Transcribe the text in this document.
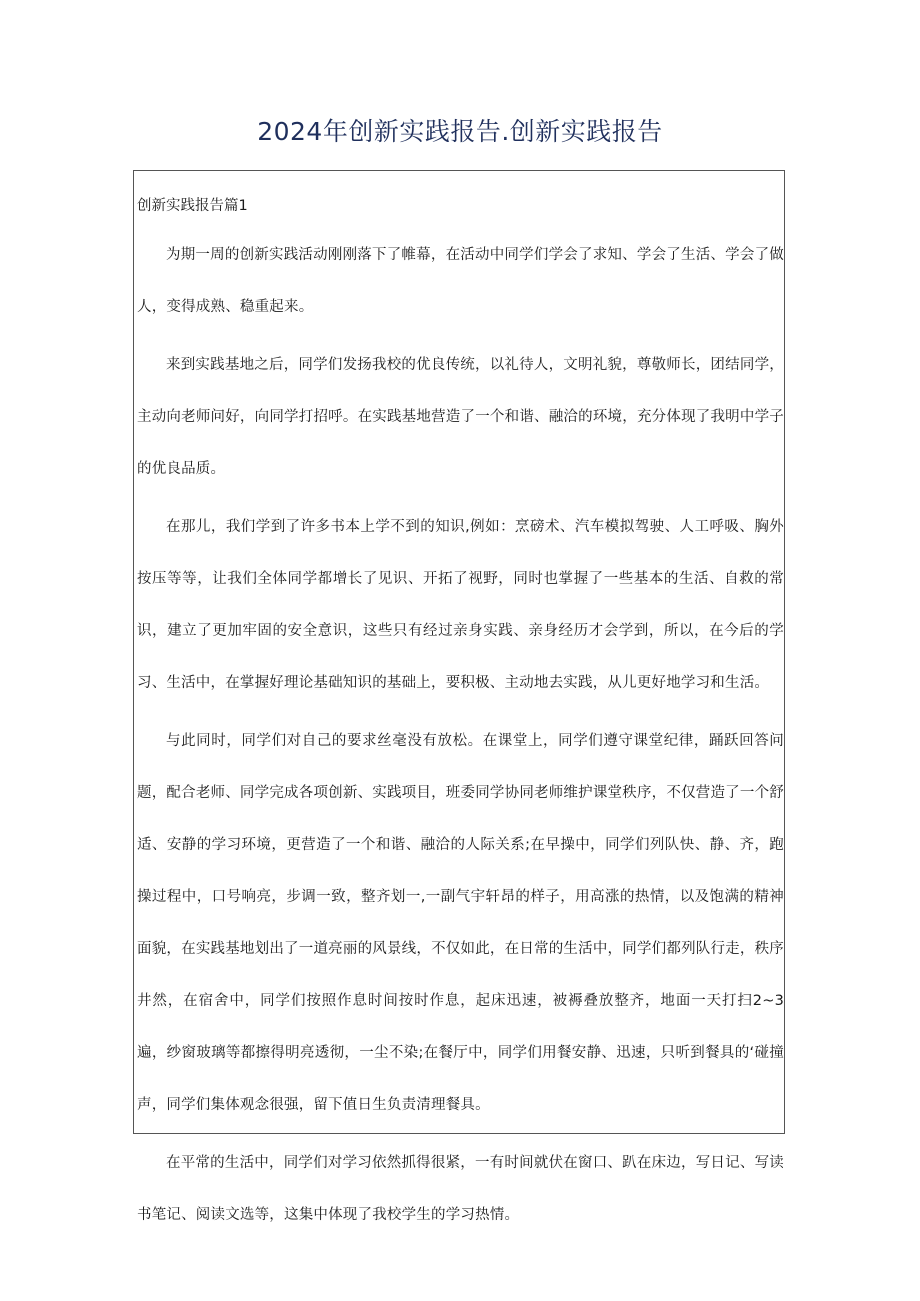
2024年创新实践报告.创新实践报告
创新实践报告篇1

为期一周的创新实践活动刚刚落下了帷幕，在活动中同学们学会了求知、学会了生活、学会了做人，变得成熟、稳重起来。

来到实践基地之后，同学们发扬我校的优良传统，以礼待人，文明礼貌，尊敬师长，团结同学，主动向老师问好，向同学打招呼。在实践基地营造了一个和谐、融洽的环境，充分体现了我明中学子的优良品质。

在那儿，我们学到了许多书本上学不到的知识,例如：烹磅术、汽车模拟驾驶、人工呼吸、胸外按压等等，让我们全体同学都增长了见识、开拓了视野，同时也掌握了一些基本的生活、自救的常识，建立了更加牢固的安全意识，这些只有经过亲身实践、亲身经历才会学到，所以，在今后的学习、生活中，在掌握好理论基础知识的基础上，要积极、主动地去实践，从儿更好地学习和生活。

与此同时，同学们对自己的要求丝毫没有放松。在课堂上，同学们遵守课堂纪律，踊跃回答问题，配合老师、同学完成各项创新、实践项目，班委同学协同老师维护课堂秩序，不仅营造了一个舒适、安静的学习环境，更营造了一个和谐、融洽的人际关系;在早操中，同学们列队快、静、齐，跑操过程中，口号响亮，步调一致，整齐划一,一副气宇轩昂的样子，用高涨的热情，以及饱满的精神面貌，在实践基地划出了一道亮丽的风景线，不仅如此，在日常的生活中，同学们都列队行走，秩序井然，在宿舍中，同学们按照作息时间按时作息，起床迅速，被褥叠放整齐，地面一天打扫2~3遍，纱窗玻璃等都擦得明亮透彻，一尘不染;在餐厅中，同学们用餐安静、迅速，只听到餐具的‘碰撞声，同学们集体观念很强，留下值日生负责清理餐具。

在平常的生活中，同学们对学习依然抓得很紧，一有时间就伏在窗口、趴在床边，写日记、写读书笔记、阅读文选等，这集中体现了我校学生的学习热情。
